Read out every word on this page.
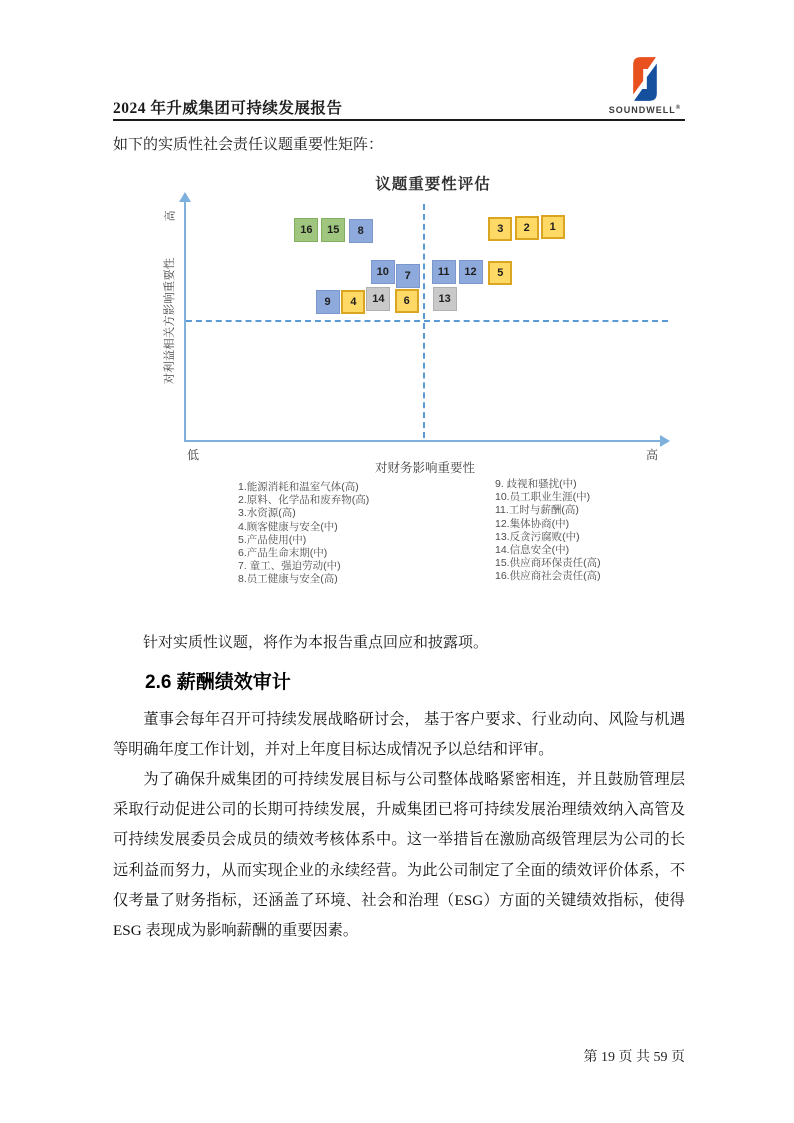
2024 年升威集团可持续发展报告	SOUNDWELL®
如下的实质性社会责任议题重要性矩阵：
议题重要性评估
高
对利益相关方影响重要性
低	高
对财务影响重要性
1
2
3
4
5
6
7
8
9
10	11	12
13
14
15
16
1.能源消耗和温室气体(高)
2.原料、化学品和废弃物(高)
3.水资源(高)
4.顾客健康与安全(中)
5.产品使用(中)
6.产品生命末期(中)
7. 童工、强迫劳动(中)
8.员工健康与安全(高)
9. 歧视和骚扰(中)
10.员工职业生涯(中)
11.工时与薪酬(高)
12.集体协商(中)
13.反贪污腐败(中)
14.信息安全(中)
15.供应商环保责任(高)
16.供应商社会责任(高)
针对实质性议题，将作为本报告重点回应和披露项。
2.6 薪酬绩效审计
董事会每年召开可持续发展战略研讨会， 基于客户要求、行业动向、风险与机遇等明确年度工作计划，并对上年度目标达成情况予以总结和评审。
为了确保升威集团的可持续发展目标与公司整体战略紧密相连，并且鼓励管理层采取行动促进公司的长期可持续发展，升威集团已将可持续发展治理绩效纳入高管及可持续发展委员会成员的绩效考核体系中。这一举措旨在激励高级管理层为公司的长远利益而努力，从而实现企业的永续经营。为此公司制定了全面的绩效评价体系，不仅考量了财务指标，还涵盖了环境、社会和治理（ESG）方面的关键绩效指标，使得 ESG 表现成为影响薪酬的重要因素。
第 19 页 共 59 页
